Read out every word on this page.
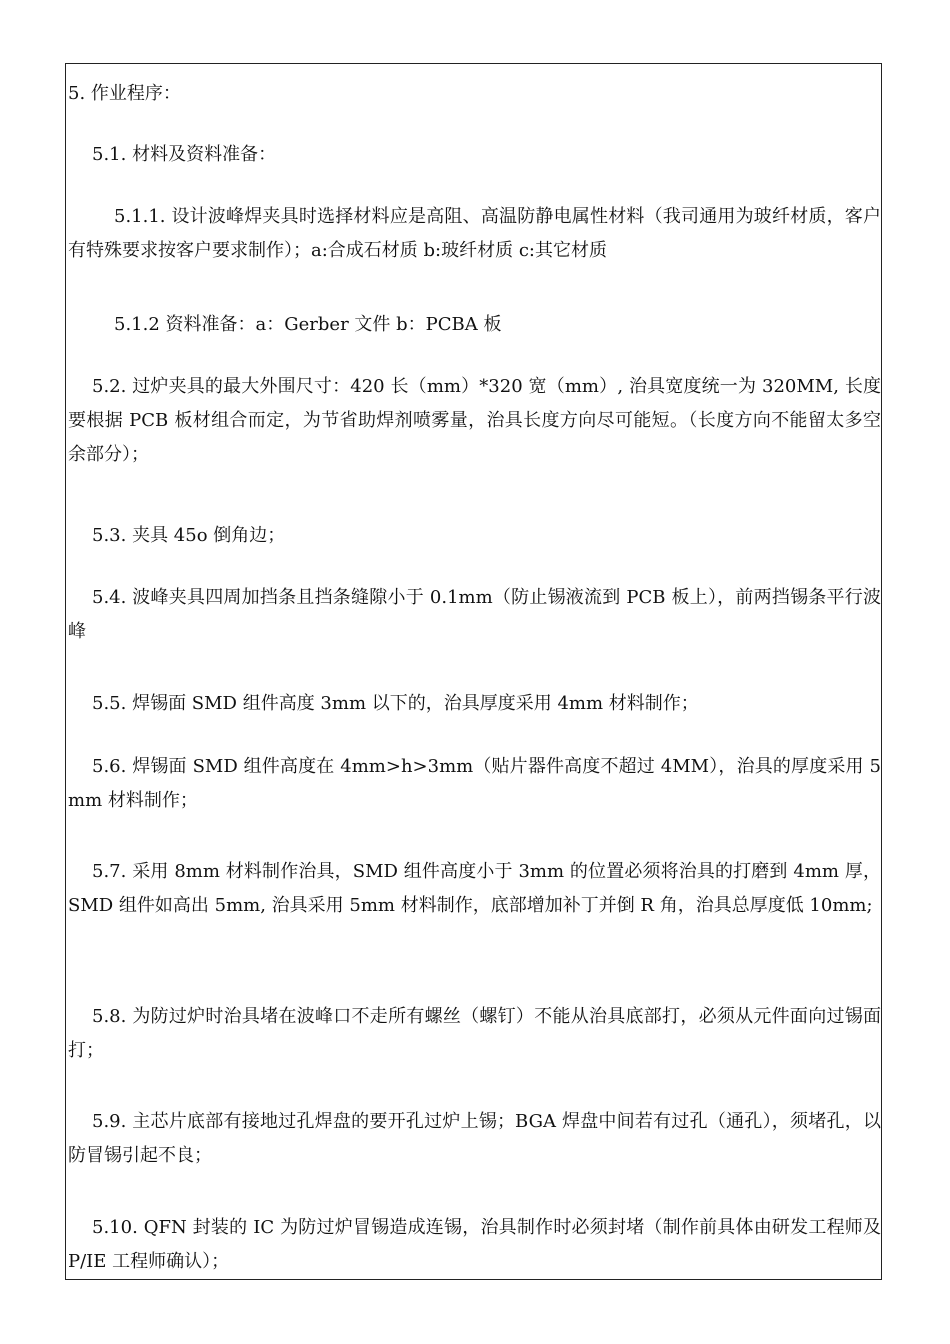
5. 作业程序：
5.1. 材料及资料准备：
5.1.1. 设计波峰焊夹具时选择材料应是高阻、高温防静电属性材料（我司通用为玻纤材质，客户有特殊要求按客户要求制作）；a:合成石材质 b:玻纤材质 c:其它材质
5.1.2 资料准备：a：Gerber 文件 b：PCBA 板
5.2. 过炉夹具的最大外围尺寸：420 长（mm）*320 宽（mm）, 治具宽度统一为 320MM, 长度要根据 PCB 板材组合而定，为节省助焊剂喷雾量，治具长度方向尽可能短。（长度方向不能留太多空余部分）；
5.3. 夹具 45o 倒角边；
5.4. 波峰夹具四周加挡条且挡条缝隙小于 0.1mm（防止锡液流到 PCB 板上），前两挡锡条平行波峰
5.5. 焊锡面 SMD 组件高度 3mm 以下的，治具厚度采用 4mm 材料制作；
5.6. 焊锡面 SMD 组件高度在 4mm>h>3mm（贴片器件高度不超过 4MM），治具的厚度采用 5mm 材料制作；
5.7. 采用 8mm 材料制作治具，SMD 组件高度小于 3mm 的位置必须将治具的打磨到 4mm 厚，SMD 组件如高出 5mm, 治具采用 5mm 材料制作，底部增加补丁并倒 R 角，治具总厚度低 10mm;
5.8. 为防过炉时治具堵在波峰口不走所有螺丝（螺钉）不能从治具底部打，必须从元件面向过锡面打；
5.9. 主芯片底部有接地过孔焊盘的要开孔过炉上锡；BGA 焊盘中间若有过孔（通孔），须堵孔，以防冒锡引起不良；
5.10. QFN 封装的 IC 为防过炉冒锡造成连锡，治具制作时必须封堵（制作前具体由研发工程师及 P/IE 工程师确认）；
